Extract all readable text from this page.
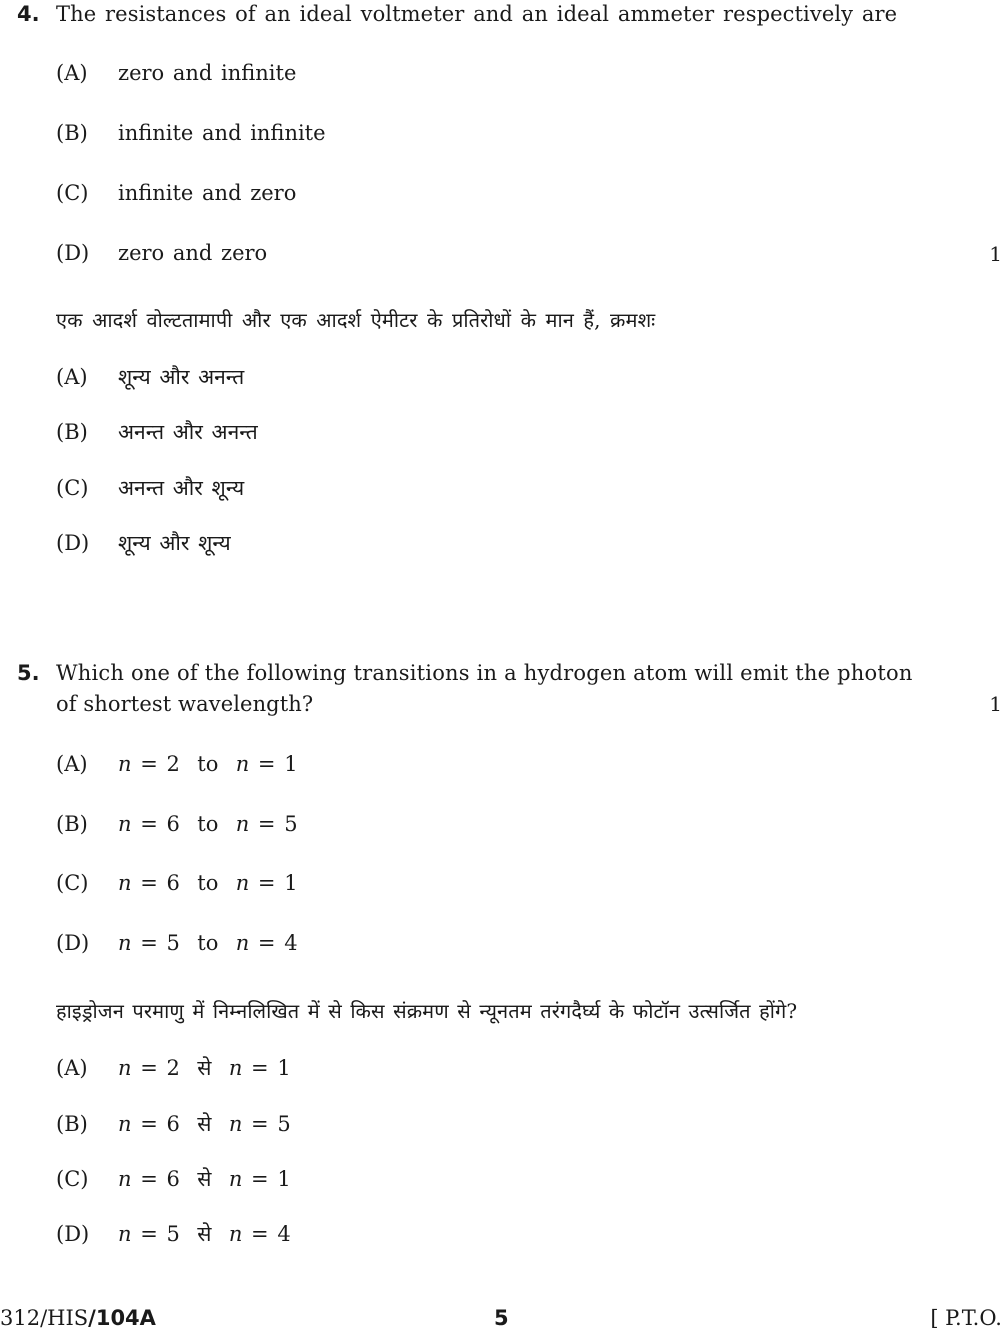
4. The resistances of an ideal voltmeter and an ideal ammeter respectively are
(A) zero and infinite
(B) infinite and infinite
(C) infinite and zero
(D) zero and zero	1
एक आदर्श वोल्टतामापी और एक आदर्श ऐमीटर के प्रतिरोधों के मान हैं, क्रमशः
(A) शून्य और अनन्त
(B) अनन्त और अनन्त
(C) अनन्त और शून्य
(D) शून्य और शून्य
5. Which one of the following transitions in a hydrogen atom will emit the photon
of shortest wavelength?	1
(A) n = 2 to n = 1
(B) n = 6 to n = 5
(C) n = 6 to n = 1
(D) n = 5 to n = 4
हाइड्रोजन परमाणु में निम्नलिखित में से किस संक्रमण से न्यूनतम तरंगदैर्घ्य के फोटॉन उत्सर्जित होंगे?
(A) n = 2 से n = 1
(B) n = 6 से n = 5
(C) n = 6 से n = 1
(D) n = 5 से n = 4
312/HIS/104A	5	[ P.T.O.
